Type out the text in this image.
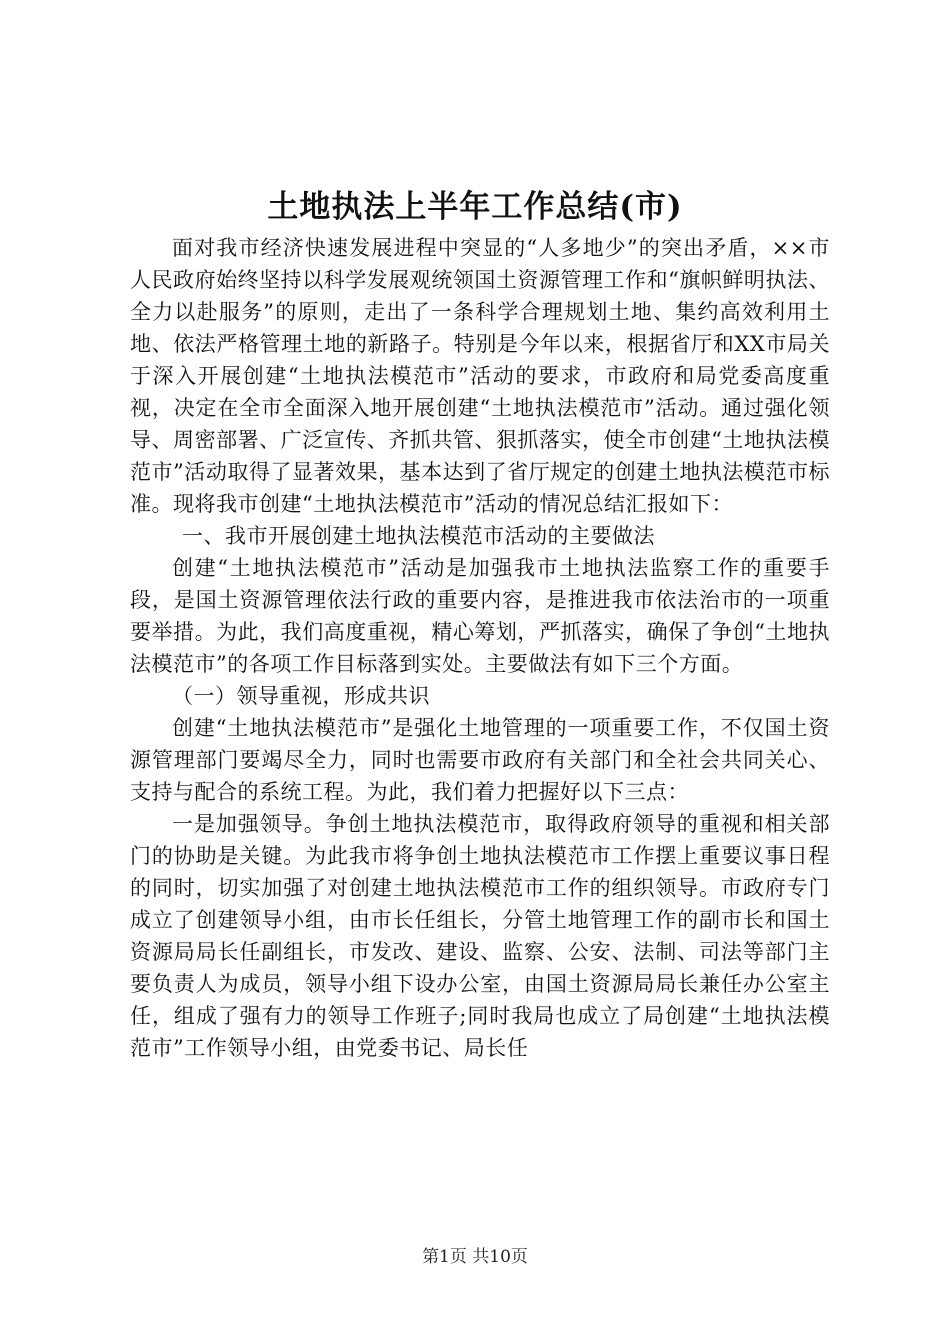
土地执法上半年工作总结(市)

面对我市经济快速发展进程中突显的“人多地少”的突出矛盾，××市人民政府始终坚持以科学发展观统领国土资源管理工作和“旗帜鲜明执法、全力以赴服务”的原则，走出了一条科学合理规划土地、集约高效利用土地、依法严格管理土地的新路子。特别是今年以来，根据省厅和XX市局关于深入开展创建“土地执法模范市”活动的要求，市政府和局党委高度重视，决定在全市全面深入地开展创建“土地执法模范市”活动。通过强化领导、周密部署、广泛宣传、齐抓共管、狠抓落实，使全市创建“土地执法模范市”活动取得了显著效果，基本达到了省厅规定的创建土地执法模范市标准。现将我市创建“土地执法模范市”活动的情况总结汇报如下：

一、我市开展创建土地执法模范市活动的主要做法

创建“土地执法模范市”活动是加强我市土地执法监察工作的重要手段，是国土资源管理依法行政的重要内容，是推进我市依法治市的一项重要举措。为此，我们高度重视，精心筹划，严抓落实，确保了争创“土地执法模范市”的各项工作目标落到实处。主要做法有如下三个方面。

（一）领导重视，形成共识

创建“土地执法模范市”是强化土地管理的一项重要工作，不仅国土资源管理部门要竭尽全力，同时也需要市政府有关部门和全社会共同关心、支持与配合的系统工程。为此，我们着力把握好以下三点：

一是加强领导。争创土地执法模范市，取得政府领导的重视和相关部门的协助是关键。为此我市将争创土地执法模范市工作摆上重要议事日程的同时，切实加强了对创建土地执法模范市工作的组织领导。市政府专门成立了创建领导小组，由市长任组长，分管土地管理工作的副市长和国土资源局局长任副组长，市发改、建设、监察、公安、法制、司法等部门主要负责人为成员，领导小组下设办公室，由国土资源局局长兼任办公室主任，组成了强有力的领导工作班子;同时我局也成立了局创建“土地执法模范市”工作领导小组，由党委书记、局长任

第1页 共10页
